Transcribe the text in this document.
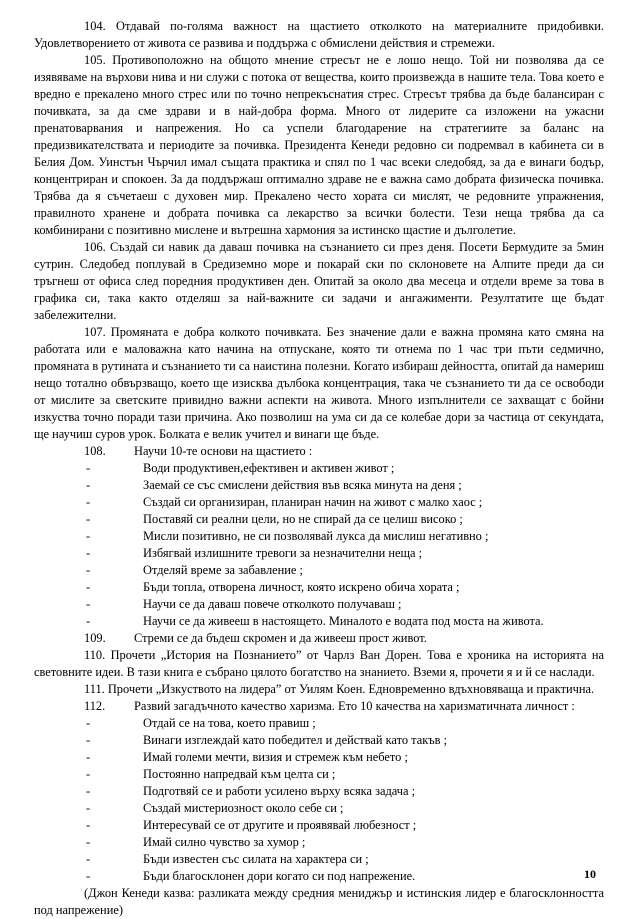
104. Отдавай по-голяма важност на щастието отколкото на материалните придобивки. Удовлетворението от живота се развива и поддържа с обмислени действия и стремежи.

105. Противоположно на общото мнение стресът не е лошо нещо. Той ни позволява да се изявяваме на върхови нива и ни служи с потока от вещества, които произвежда в нашите тела. Това което е вредно е прекалено много стрес или по точно непрекъснатия стрес. Стресът трябва да бъде балансиран с почивката, за да сме здрави и в най-добра форма. Много от лидерите са изложени на ужасни пренатоварвания и напрежения. Но са успели благодарение на стратегиите за баланс на предизвикателствата и периодите за почивка. Президента Кенеди редовно си подремвал в кабинета си в Белия Дом. Уинстън Чърчил имал същата практика и спял по 1 час всеки следобяд, за да е винаги бодър, концентриран и спокоен. За да поддържаш оптимално здраве не е важна само добрата физическа почивка. Трябва да я съчетаеш с духовен мир. Прекалено често хората си мислят, че редовните упражнения, правилното хранене и добрата почивка са лекарство за всички болести. Тези неща трябва да са комбинирани с позитивно мислене и вътрешна хармония за истинско щастие и дълголетие.

106. Създай си навик да даваш почивка на съзнанието си през деня. Посети Бермудите за 5мин сутрин. Следобед поплувай в Средиземно море и покарай ски по склоновете на Алпите преди да си тръгнеш от офиса след поредния продуктивен ден. Опитай за около два месеца и отдели време за това в графика си, така както отделяш за най-важните си задачи и ангажименти. Резултатите ще бъдат забележителни.

107. Промяната е добра колкото почивката. Без значение дали е важна промяна като смяна на работата или е маловажна като начина на отпускане, която ти отнема по 1 час три пъти седмично, промяната в рутината и съзнанието ти са наистина полезни. Когато избираш дейността, опитай да намериш нещо тотално обвързващо, което ще изисква дълбока концентрация, така че съзнанието ти да се освободи от мислите за светските привидно важни аспекти на живота. Много изпълнители се захващат с бойни изкуства точно поради тази причина. Ако позволиш на ума си да се колебае дори за частица от секундата, ще научиш суров урок. Болката е велик учител и винаги ще бъде.

108.	Научи 10-те основи на щастието :
-	Води продуктивен,ефективен и активен живот ;
-	Заемай се със смислени действия във всяка минута на деня ;
-	Създай си организиран, планиран начин на живот с малко хаос ;
-	Поставяй си реални цели, но не спирай да се целиш високо ;
-	Мисли позитивно, не си позволявай лукса да мислиш негативно ;
-	Избягвай излишните тревоги за незначителни неща ;
-	Отделяй време за забавление ;
-	Бъди топла, отворена личност, която искрено обича хората ;
-	Научи се да даваш повече отколкото получаваш ;
-	Научи се да живееш в настоящето. Миналото е водата под моста на живота.
109.	Стреми се да бъдеш скромен и да живееш прост живот.

110. Прочети „История на Познанието” от Чарлз Ван Дорен. Това е хроника на историята на световните идеи. В тази книга е събрано цялото богатство на знанието. Вземи я, прочети я и й се наслади.

111. Прочети „Изкуството на лидера” от Уилям Коен. Едновременно вдъхновяваща и практична.

112.	Развий загадъчното качество харизма. Ето 10 качества на харизматичната личност :
-	Отдай се на това, което правиш ;
-	Винаги изглеждай като победител и действай като такъв ;
-	Имай големи мечти, визия и стремеж към небето ;
-	Постоянно напредвай към целта си ;
-	Подготвяй се и работи усилено върху всяка задача ;
-	Създай мистериозност около себе си ;
-	Интересувай се от другите и проявявай любезност ;
-	Имай силно чувство за хумор ;
-	Бъди известен със силата на характера си ;
-	Бъди благосклонен дори когато си под напрежение.

(Джон Кенеди казва: разликата между средния мениджър и истинския лидер е благосклонността под напрежение)

10
